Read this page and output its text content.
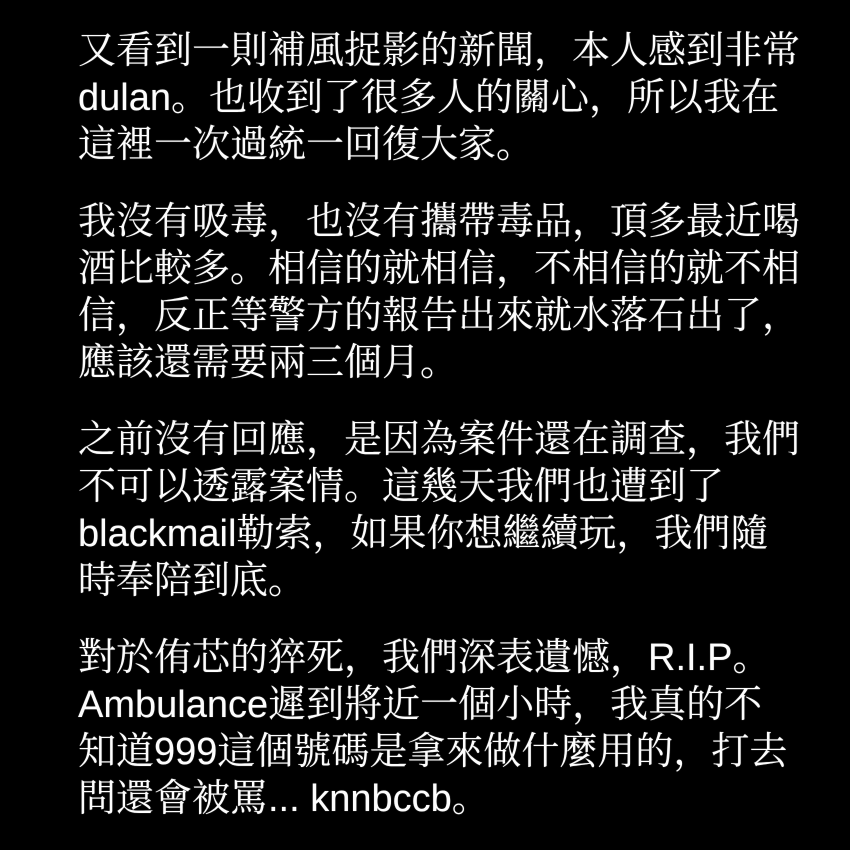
又看到一則補風捉影的新聞，本人感到非常
dulan。也收到了很多人的關心，所以我在
這裡一次過統一回復大家。
我沒有吸毒，也沒有攜帶毒品，頂多最近喝
酒比較多。相信的就相信，不相信的就不相
信，反正等警方的報告出來就水落石出了，
應該還需要兩三個月。
之前沒有回應，是因為案件還在調查，我們
不可以透露案情。這幾天我們也遭到了
blackmail勒索，如果你想繼續玩，我們隨
時奉陪到底。
對於侑芯的猝死，我們深表遺憾，R.I.P。
Ambulance遲到將近一個小時，我真的不
知道999這個號碼是拿來做什麼用的，打去
問還會被罵... knnbccb。
